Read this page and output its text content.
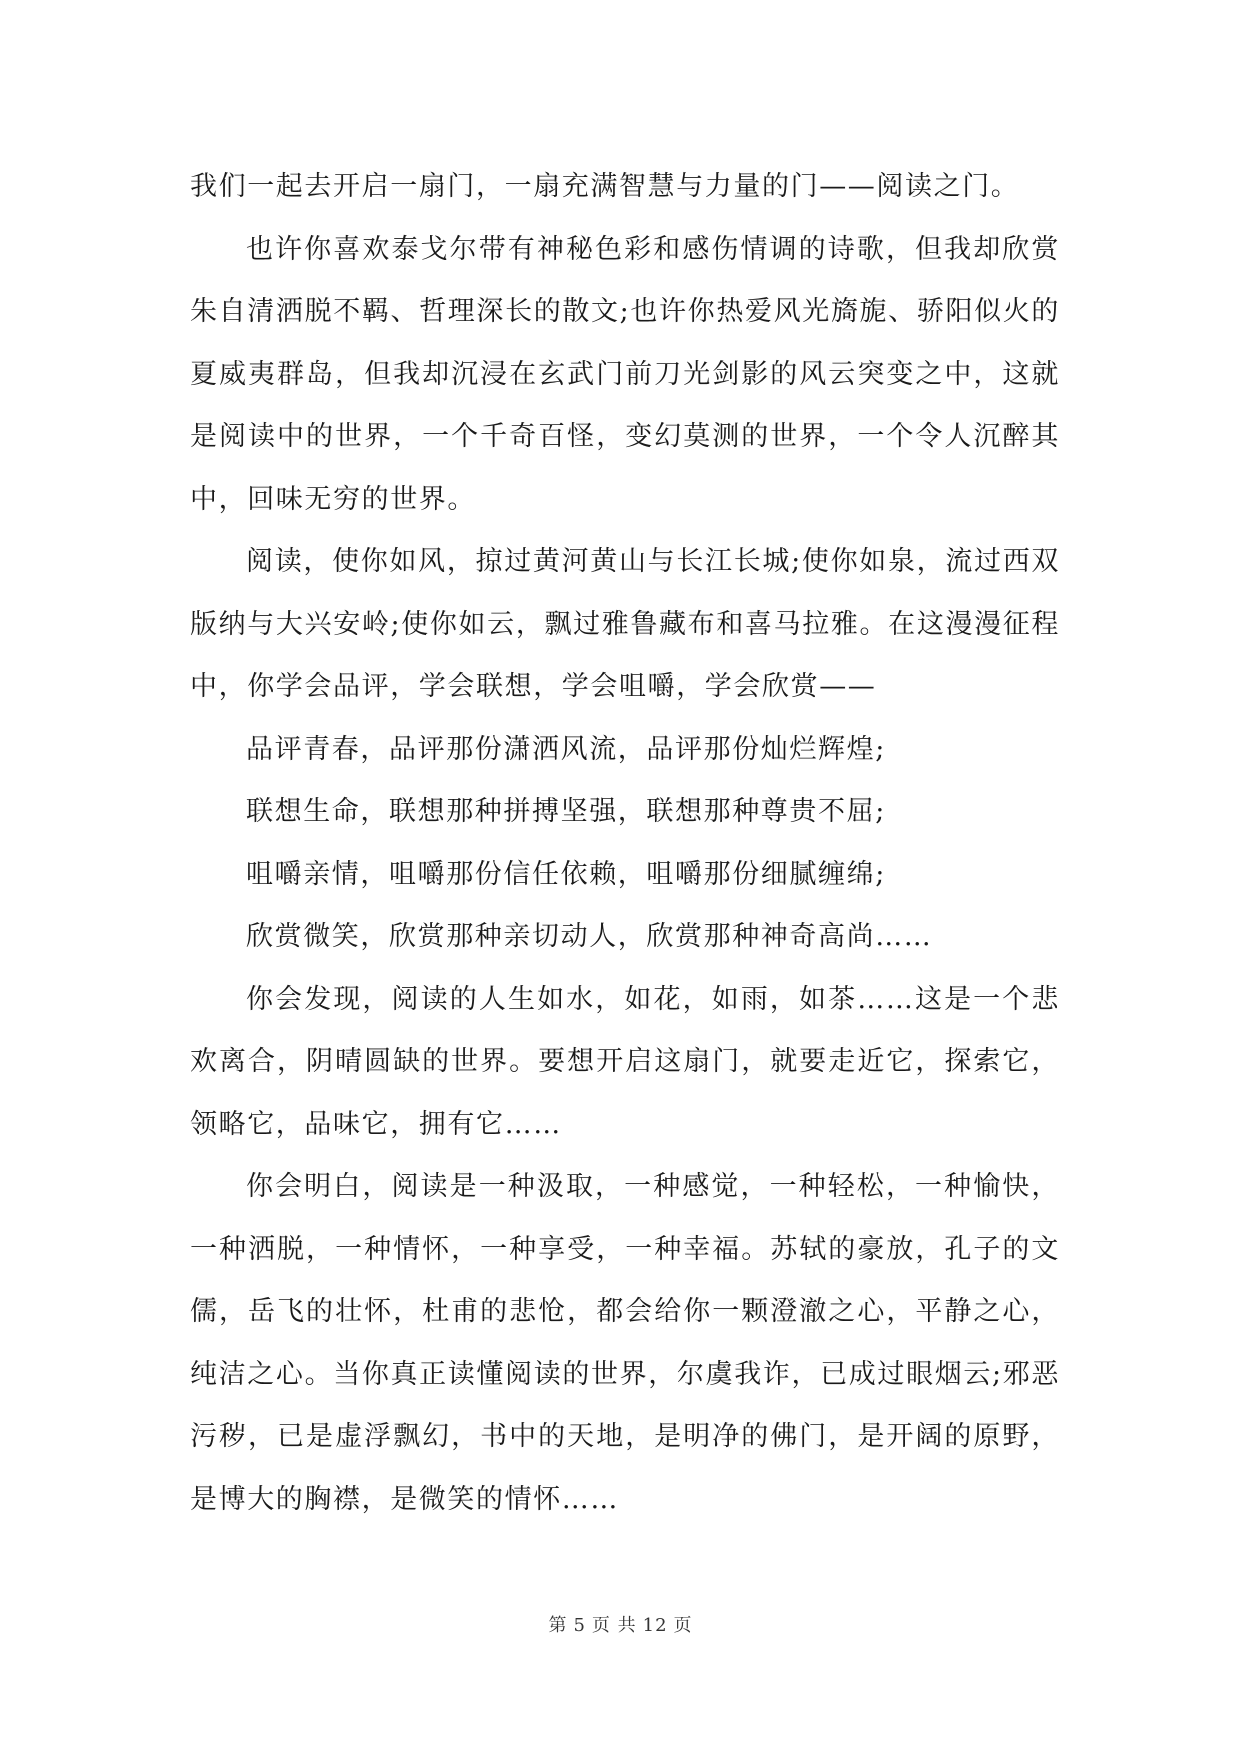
我们一起去开启一扇门，一扇充满智慧与力量的门——阅读之门。

也许你喜欢泰戈尔带有神秘色彩和感伤情调的诗歌，但我却欣赏朱自清洒脱不羁、哲理深长的散文;也许你热爱风光旖旎、骄阳似火的夏威夷群岛，但我却沉浸在玄武门前刀光剑影的风云突变之中，这就是阅读中的世界，一个千奇百怪，变幻莫测的世界，一个令人沉醉其中，回味无穷的世界。

阅读，使你如风，掠过黄河黄山与长江长城;使你如泉，流过西双版纳与大兴安岭;使你如云，飘过雅鲁藏布和喜马拉雅。在这漫漫征程中，你学会品评，学会联想，学会咀嚼，学会欣赏——

品评青春，品评那份潇洒风流，品评那份灿烂辉煌;

联想生命，联想那种拼搏坚强，联想那种尊贵不屈;

咀嚼亲情，咀嚼那份信任依赖，咀嚼那份细腻缠绵;

欣赏微笑，欣赏那种亲切动人，欣赏那种神奇高尚……

你会发现，阅读的人生如水，如花，如雨，如茶……这是一个悲欢离合，阴晴圆缺的世界。要想开启这扇门，就要走近它，探索它，领略它，品味它，拥有它……

你会明白，阅读是一种汲取，一种感觉，一种轻松，一种愉快，一种洒脱，一种情怀，一种享受，一种幸福。苏轼的豪放，孔子的文儒，岳飞的壮怀，杜甫的悲怆，都会给你一颗澄澈之心，平静之心，纯洁之心。当你真正读懂阅读的世界，尔虞我诈，已成过眼烟云;邪恶污秽，已是虚浮飘幻，书中的天地，是明净的佛门，是开阔的原野，是博大的胸襟，是微笑的情怀……

第 5 页 共 12 页
